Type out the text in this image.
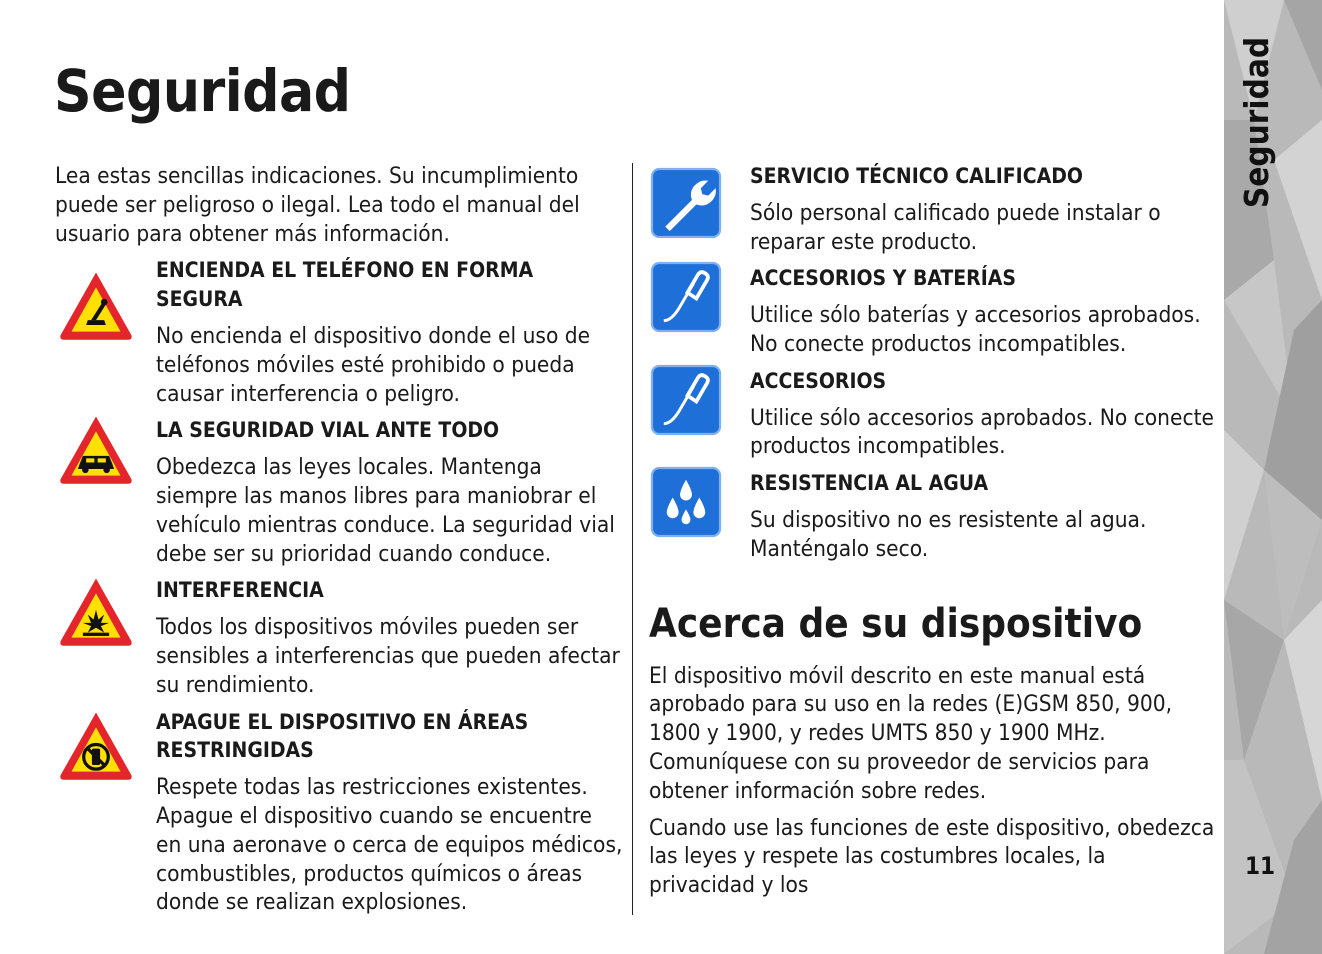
Seguridad

Lea estas sencillas indicaciones. Su incumplimiento puede ser peligroso o ilegal. Lea todo el manual del usuario para obtener más información.

ENCIENDA EL TELÉFONO EN FORMA SEGURA

No encienda el dispositivo donde el uso de teléfonos móviles esté prohibido o pueda causar interferencia o peligro.

LA SEGURIDAD VIAL ANTE TODO

Obedezca las leyes locales. Mantenga siempre las manos libres para maniobrar el vehículo mientras conduce. La seguridad vial debe ser su prioridad cuando conduce.

INTERFERENCIA

Todos los dispositivos móviles pueden ser sensibles a interferencias que pueden afectar su rendimiento.

APAGUE EL DISPOSITIVO EN ÁREAS RESTRINGIDAS

Respete todas las restricciones existentes. Apague el dispositivo cuando se encuentre en una aeronave o cerca de equipos médicos, combustibles, productos químicos o áreas donde se realizan explosiones.

SERVICIO TÉCNICO CALIFICADO

Sólo personal calificado puede instalar o reparar este producto.

ACCESORIOS Y BATERÍAS

Utilice sólo baterías y accesorios aprobados. No conecte productos incompatibles.

ACCESORIOS

Utilice sólo accesorios aprobados. No conecte productos incompatibles.

RESISTENCIA AL AGUA

Su dispositivo no es resistente al agua. Manténgalo seco.

Acerca de su dispositivo

El dispositivo móvil descrito en este manual está aprobado para su uso en la redes (E)GSM 850, 900, 1800 y 1900, y redes UMTS 850 y 1900 MHz. Comuníquese con su proveedor de servicios para obtener información sobre redes.

Cuando use las funciones de este dispositivo, obedezca las leyes y respete las costumbres locales, la privacidad y los

Seguridad
11
